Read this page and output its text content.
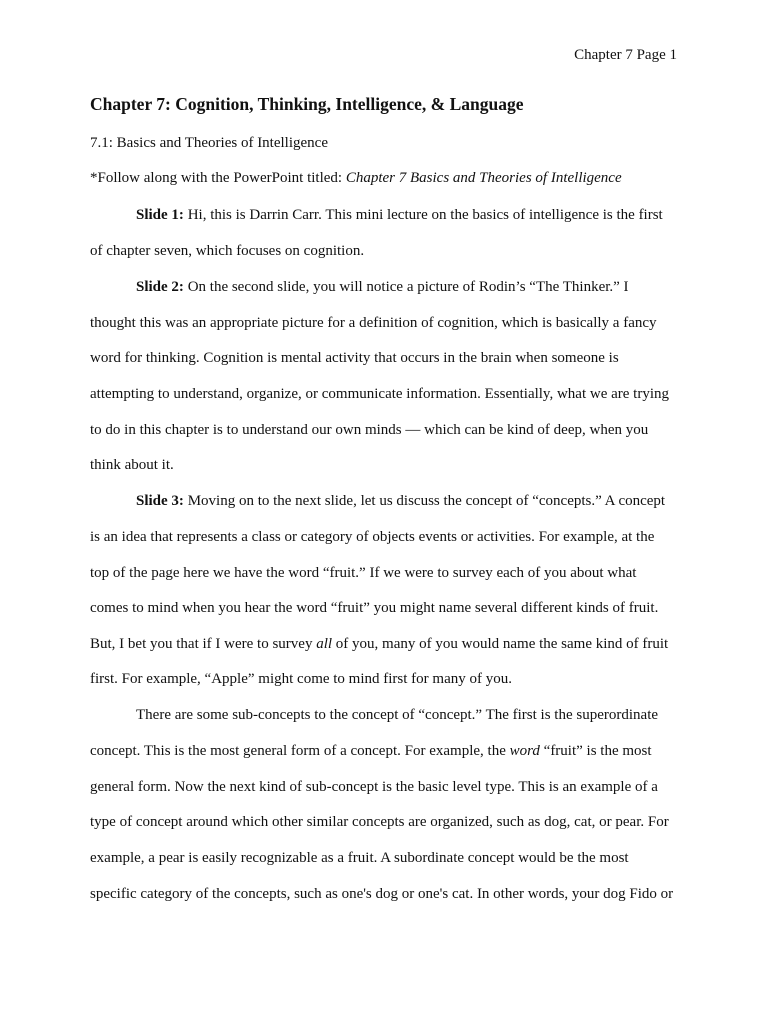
Chapter 7 Page 1
Chapter 7: Cognition, Thinking, Intelligence, & Language
7.1: Basics and Theories of Intelligence
*Follow along with the PowerPoint titled: Chapter 7 Basics and Theories of Intelligence
Slide 1: Hi, this is Darrin Carr. This mini lecture on the basics of intelligence is the first
of chapter seven, which focuses on cognition.
Slide 2: On the second slide, you will notice a picture of Rodin’s “The Thinker.” I
thought this was an appropriate picture for a definition of cognition, which is basically a fancy
word for thinking. Cognition is mental activity that occurs in the brain when someone is
attempting to understand, organize, or communicate information. Essentially, what we are trying
to do in this chapter is to understand our own minds — which can be kind of deep, when you
think about it.
Slide 3: Moving on to the next slide, let us discuss the concept of “concepts.” A concept
is an idea that represents a class or category of objects events or activities. For example, at the
top of the page here we have the word “fruit.” If we were to survey each of you about what
comes to mind when you hear the word “fruit” you might name several different kinds of fruit.
But, I bet you that if I were to survey all of you, many of you would name the same kind of fruit
first. For example, “Apple” might come to mind first for many of you.
There are some sub-concepts to the concept of “concept.” The first is the superordinate
concept. This is the most general form of a concept. For example, the word “fruit” is the most
general form. Now the next kind of sub-concept is the basic level type. This is an example of a
type of concept around which other similar concepts are organized, such as dog, cat, or pear. For
example, a pear is easily recognizable as a fruit. A subordinate concept would be the most
specific category of the concepts, such as one's dog or one's cat. In other words, your dog Fido or
